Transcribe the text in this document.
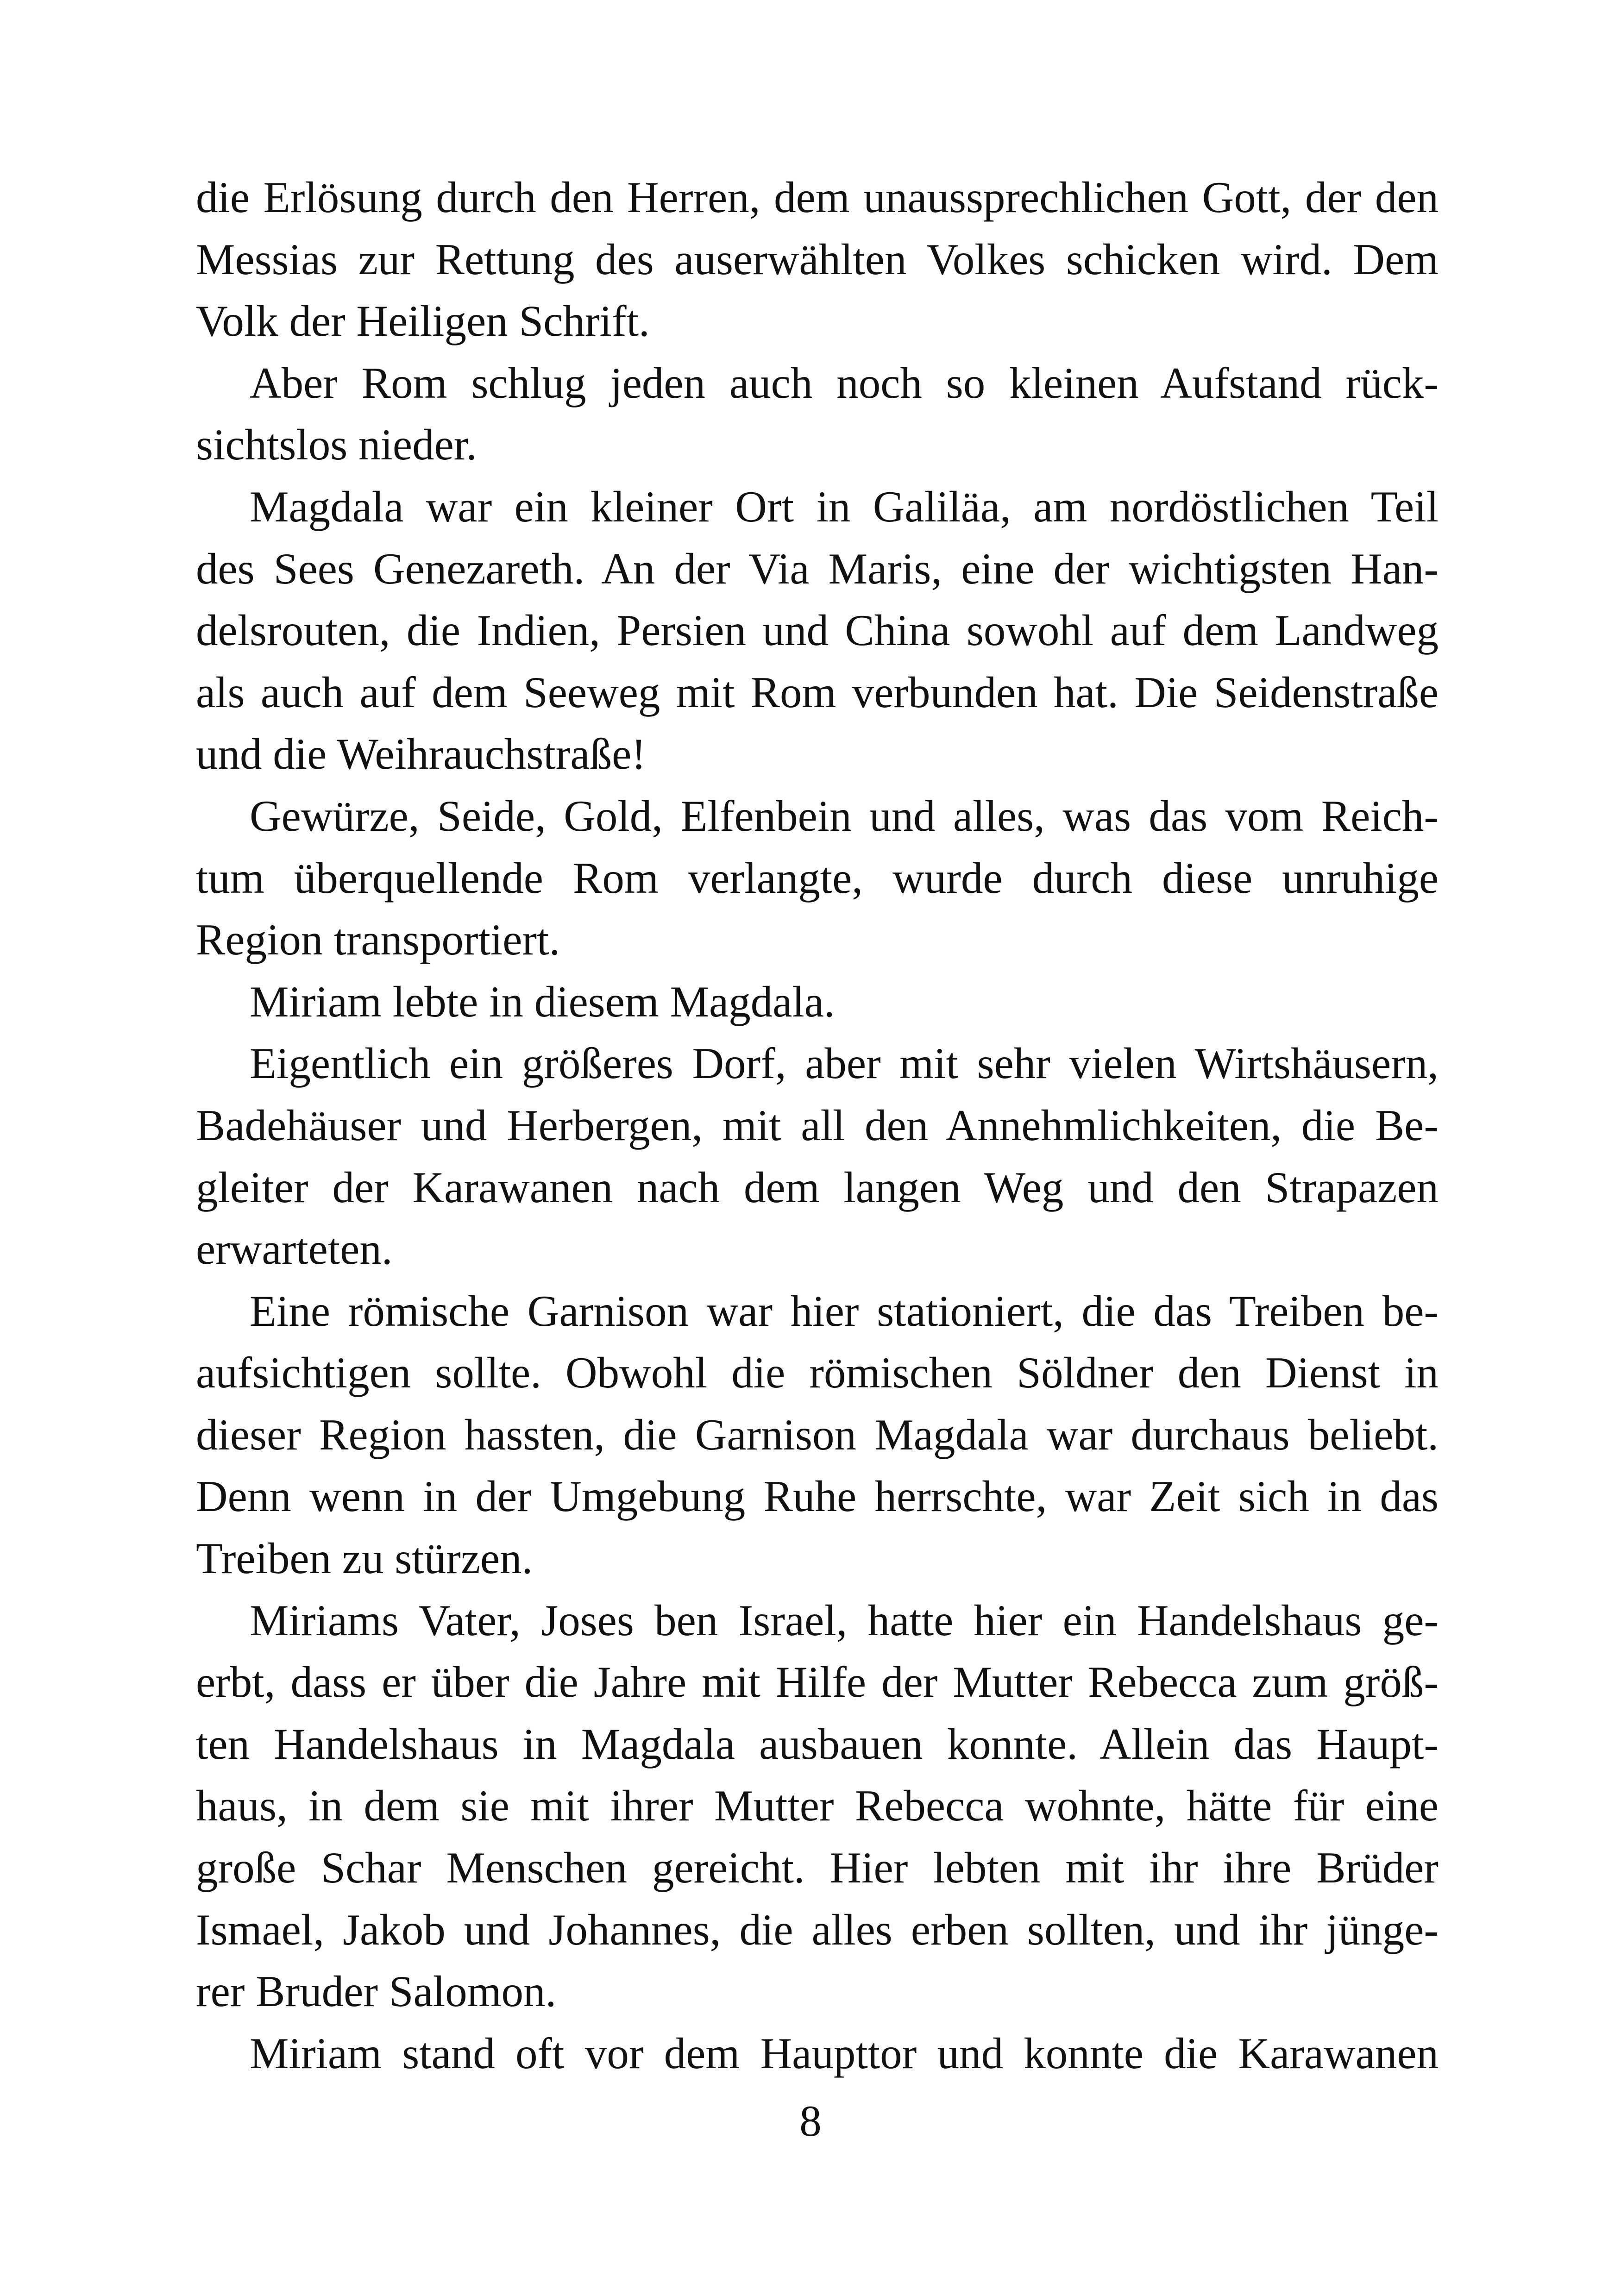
die Erlösung durch den Herren, dem unaussprechlichen Gott, der den
Messias zur Rettung des auserwählten Volkes schicken wird. Dem
Volk der Heiligen Schrift.
Aber Rom schlug jeden auch noch so kleinen Aufstand rück-
sichtslos nieder.
Magdala war ein kleiner Ort in Galiläa, am nordöstlichen Teil
des Sees Genezareth. An der Via Maris, eine der wichtigsten Han-
delsrouten, die Indien, Persien und China sowohl auf dem Landweg
als auch auf dem Seeweg mit Rom verbunden hat. Die Seidenstraße
und die Weihrauchstraße!
Gewürze, Seide, Gold, Elfenbein und alles, was das vom Reich-
tum überquellende Rom verlangte, wurde durch diese unruhige
Region transportiert.
Miriam lebte in diesem Magdala.
Eigentlich ein größeres Dorf, aber mit sehr vielen Wirtshäusern,
Badehäuser und Herbergen, mit all den Annehmlichkeiten, die Be-
gleiter der Karawanen nach dem langen Weg und den Strapazen
erwarteten.
Eine römische Garnison war hier stationiert, die das Treiben be-
aufsichtigen sollte. Obwohl die römischen Söldner den Dienst in
dieser Region hassten, die Garnison Magdala war durchaus beliebt.
Denn wenn in der Umgebung Ruhe herrschte, war Zeit sich in das
Treiben zu stürzen.
Miriams Vater, Joses ben Israel, hatte hier ein Handelshaus ge-
erbt, dass er über die Jahre mit Hilfe der Mutter Rebecca zum größ-
ten Handelshaus in Magdala ausbauen konnte. Allein das Haupt-
haus, in dem sie mit ihrer Mutter Rebecca wohnte, hätte für eine
große Schar Menschen gereicht. Hier lebten mit ihr ihre Brüder
Ismael, Jakob und Johannes, die alles erben sollten, und ihr jünge-
rer Bruder Salomon.
Miriam stand oft vor dem Haupttor und konnte die Karawanen
8
